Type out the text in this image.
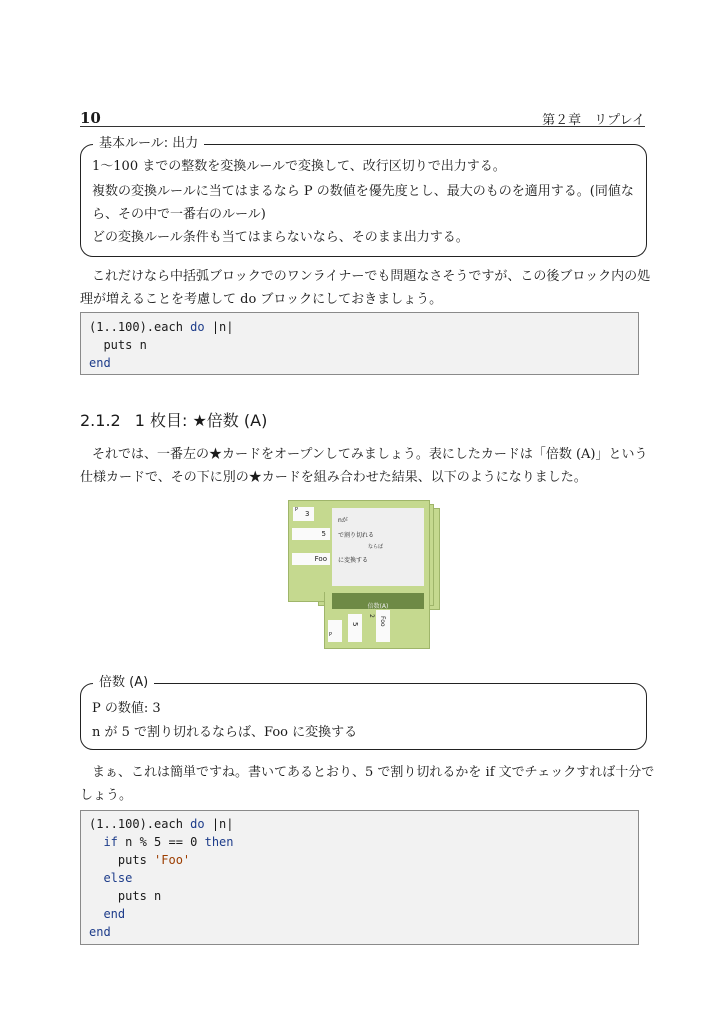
10	第２章　リプレイ
基本ルール: 出力
1〜100 までの整数を変換ルールで変換して、改行区切りで出力する。
複数の変換ルールに当てはまるなら P の数値を優先度とし、最大のものを適用する。(同値な
ら、その中で一番右のルール)
どの変換ルール条件も当てはまらないなら、そのまま出力する。
これだけなら中括弧ブロックでのワンライナーでも問題なさそうですが、この後ブロック内の処
理が増えることを考慮して do ブロックにしておきましょう。
(1..100).each do |n|
puts n
end
2.1.2 1 枚目: ★倍数 (A)
それでは、一番左の★カードをオープンしてみましょう。表にしたカードは「倍数 (A)」という
仕様カードで、その下に別の★カードを組み合わせた結果、以下のようになりました。
P 3
nが
5 で割り切れる
ならば
Foo に変換する
倍数(A)
P
5
2
Foo
倍数 (A)
P の数値: 3
n が 5 で割り切れるならば、Foo に変換する
まぁ、これは簡単ですね。書いてあるとおり、5 で割り切れるかを if 文でチェックすれば十分で
しょう。
(1..100).each do |n|
if n % 5 == 0 then
puts 'Foo'
else
puts n
end
end
